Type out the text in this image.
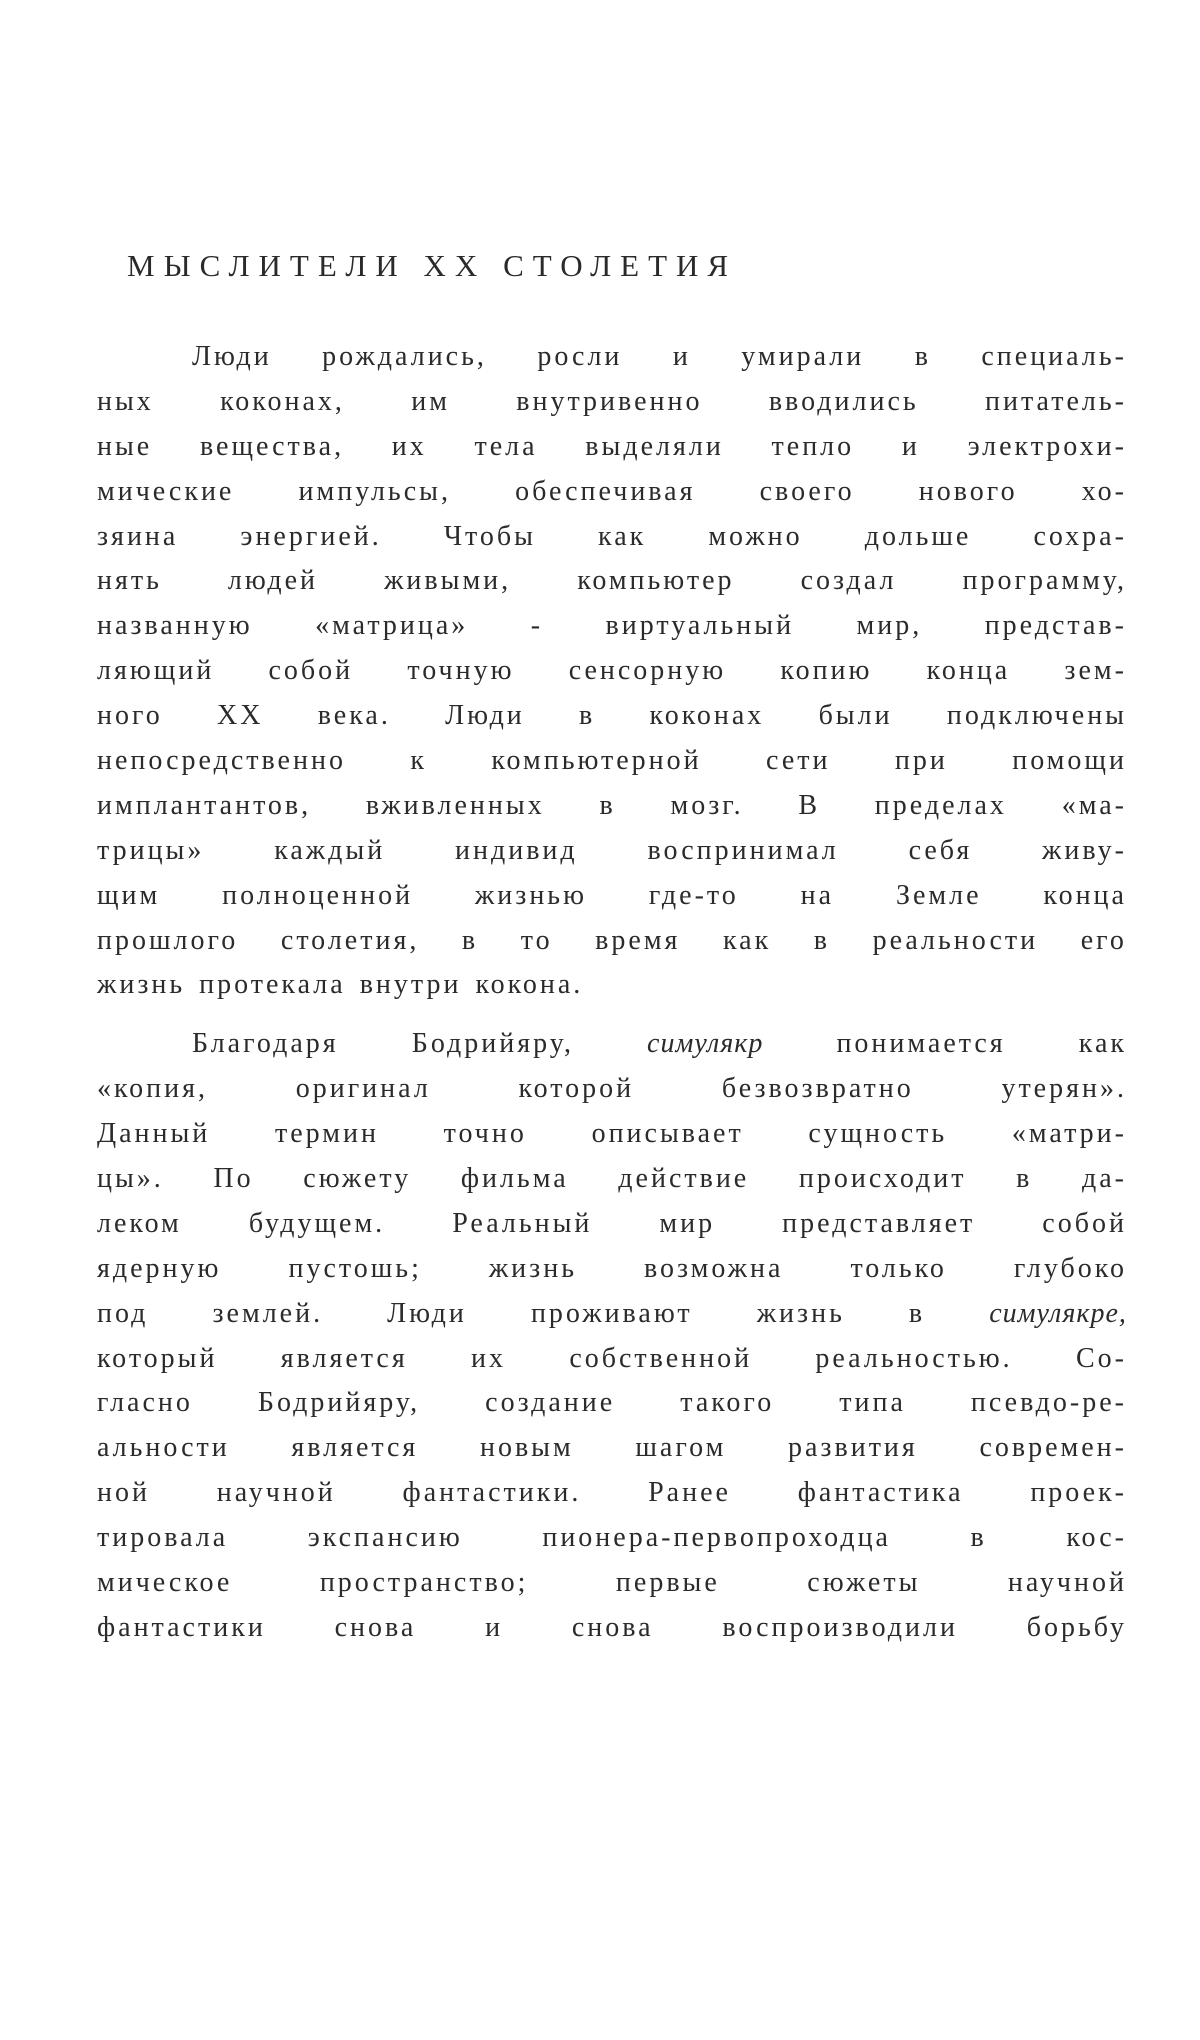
МЫСЛИТЕЛИ XX СТОЛЕТИЯ
Люди рождались, росли и умирали в специаль-
ных коконах, им внутривенно вводились питатель-
ные вещества, их тела выделяли тепло и электрохи-
мические импульсы, обеспечивая своего нового хо-
зяина энергией. Чтобы как можно дольше сохра-
нять людей живыми, компьютер создал программу,
названную «матрица» - виртуальный мир, представ-
ляющий собой точную сенсорную копию конца зем-
ного XX века. Люди в коконах были подключены
непосредственно к компьютерной сети при помощи
имплантантов, вживленных в мозг. В пределах «ма-
трицы» каждый индивид воспринимал себя живу-
щим полноценной жизнью где-то на Земле конца
прошлого столетия, в то время как в реальности его
жизнь протекала внутри кокона.
Благодаря	Бодрийяру,	симулякр	понимается	как
«копия,	оригинал	которой	безвозвратно	утерян».
Данный термин точно описывает сущность «матри-
цы». По сюжету фильма действие происходит в да-
леком будущем. Реальный мир представляет собой
ядерную пустошь; жизнь возможна только глубоко
под землей. Люди проживают жизнь в симулякре,
который является их собственной реальностью. Со-
гласно Бодрийяру, создание такого типа псевдо-ре-
альности является новым шагом развития современ-
ной научной фантастики. Ранее фантастика проек-
тировала	экспансию	пионера-первопроходца	в	кос-
мическое	пространство;	первые	сюжеты	научной
фантастики снова и снова воспроизводили борьбу
